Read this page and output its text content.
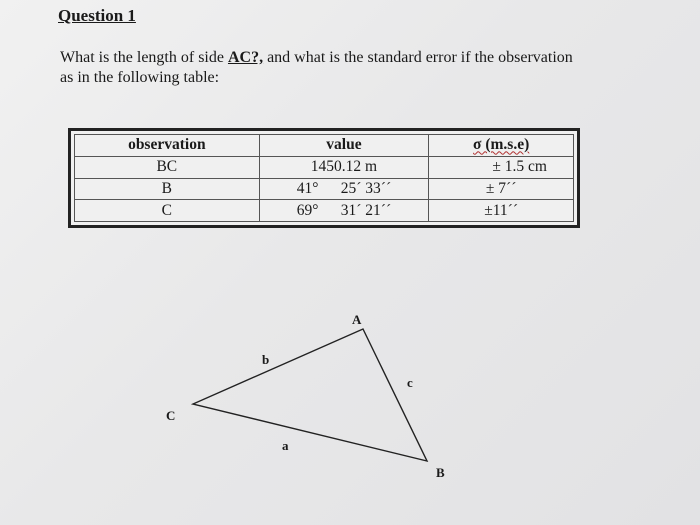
Question 1
What is the length of side AC?, and what is the standard error if the observation as in the following table:
observation	value	σ (m.s.e)
BC	1450.12 m	± 1.5 cm
B	41° 25ˊ 33ˊˊ	± 7ˊˊ
C	69° 31ˊ 21ˊˊ	±11ˊˊ
A
B
C
b
c
a
